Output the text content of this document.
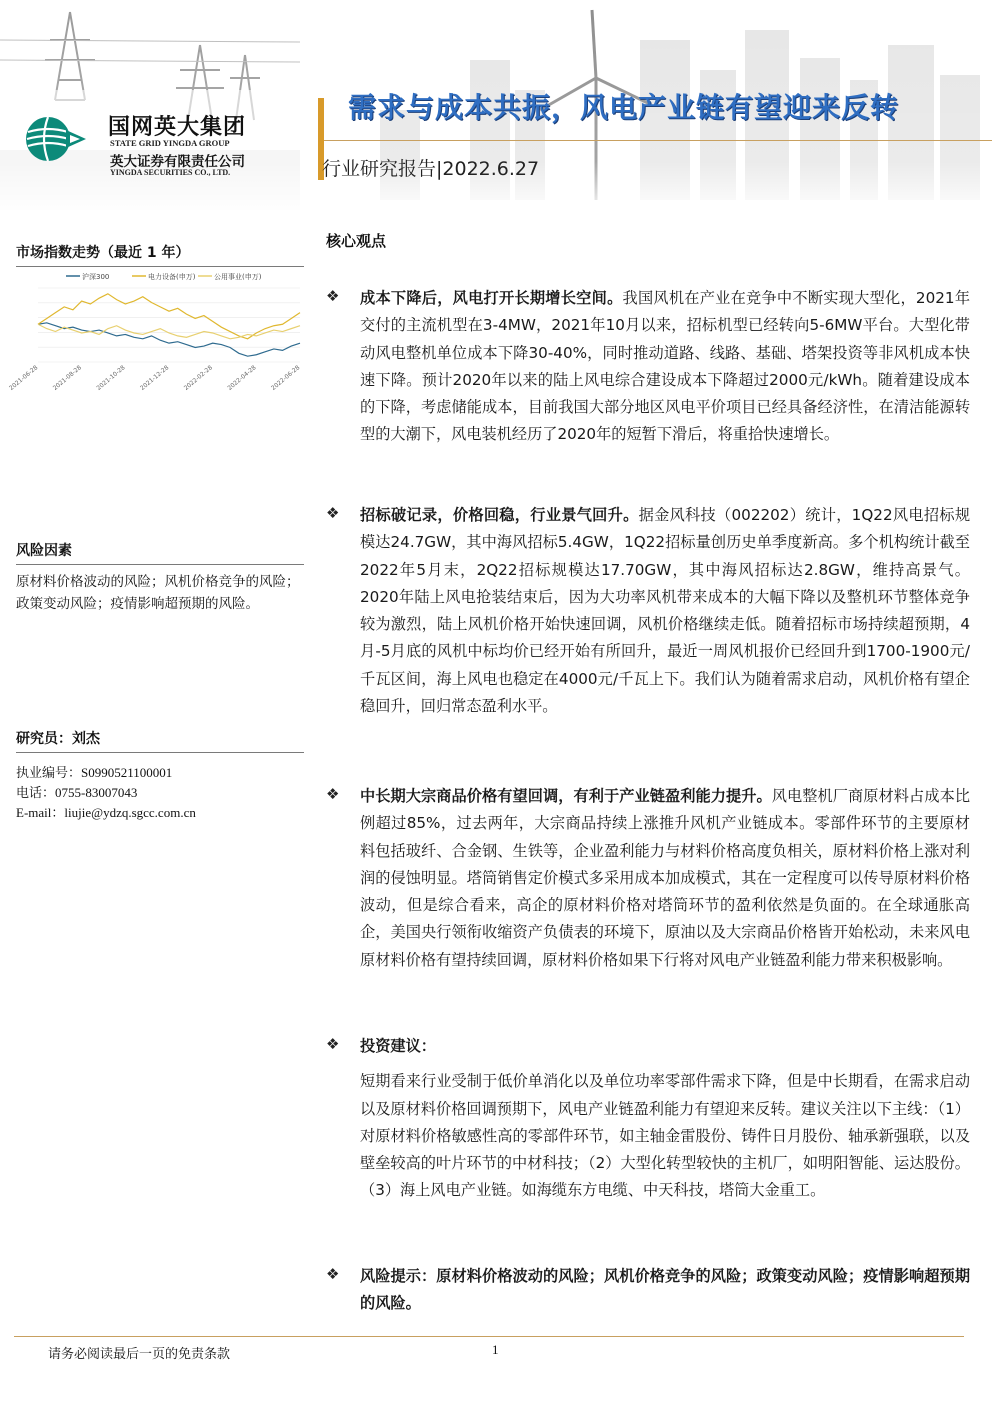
国网英大集团
STATE GRID YINGDA GROUP
英大证券有限责任公司
YINGDA SECURITIES CO., LTD.
需求与成本共振，风电产业链有望迎来反转
行业研究报告|2022.6.27
市场指数走势（最近 1 年）
沪深300	电力设备(申万)	公用事业(申万)
2021-06-28 2021-08-28 2021-10-28 2021-12-28 2022-02-28 2022-04-28 2022-06-28
风险因素
原材料价格波动的风险；风机价格竞争的风险；政策变动风险；疫情影响超预期的风险。
研究员：刘杰
执业编号：S0990521100001
电话：0755-83007043
E-mail：liujie@ydzq.sgcc.com.cn
核心观点
❖ 成本下降后，风电打开长期增长空间。我国风机在产业在竞争中不断实现大型化，2021年交付的主流机型在3-4MW，2021年10月以来，招标机型已经转向5-6MW平台。大型化带动风电整机单位成本下降30-40%，同时推动道路、线路、基础、塔架投资等非风机成本快速下降。预计2020年以来的陆上风电综合建设成本下降超过2000元/kWh。随着建设成本的下降，考虑储能成本，目前我国大部分地区风电平价项目已经具备经济性，在清洁能源转型的大潮下，风电装机经历了2020年的短暂下滑后，将重拾快速增长。

❖ 招标破记录，价格回稳，行业景气回升。据金风科技（002202）统计，1Q22风电招标规模达24.7GW，其中海风招标5.4GW，1Q22招标量创历史单季度新高。多个机构统计截至2022年5月末，2Q22招标规模达17.70GW，其中海风招标达2.8GW，维持高景气。2020年陆上风电抢装结束后，因为大功率风机带来成本的大幅下降以及整机环节整体竞争较为激烈，陆上风机价格开始快速回调，风机价格继续走低。随着招标市场持续超预期，4月-5月底的风机中标均价已经开始有所回升，最近一周风机报价已经回升到1700-1900元/千瓦区间，海上风电也稳定在4000元/千瓦上下。我们认为随着需求启动，风机价格有望企稳回升，回归常态盈利水平。

❖ 中长期大宗商品价格有望回调，有利于产业链盈利能力提升。风电整机厂商原材料占成本比例超过85%，过去两年，大宗商品持续上涨推升风机产业链成本。零部件环节的主要原材料包括玻纤、合金钢、生铁等，企业盈利能力与材料价格高度负相关，原材料价格上涨对利润的侵蚀明显。塔筒销售定价模式多采用成本加成模式，其在一定程度可以传导原材料价格波动，但是综合看来，高企的原材料价格对塔筒环节的盈利依然是负面的。在全球通胀高企，美国央行领衔收缩资产负债表的环境下，原油以及大宗商品价格皆开始松动，未来风电原材料价格有望持续回调，原材料价格如果下行将对风电产业链盈利能力带来积极影响。

❖ 投资建议：

短期看来行业受制于低价单消化以及单位功率零部件需求下降，但是中长期看，在需求启动以及原材料价格回调预期下，风电产业链盈利能力有望迎来反转。建议关注以下主线：（1）对原材料价格敏感性高的零部件环节，如主轴金雷股份、铸件日月股份、轴承新强联，以及壁垒较高的叶片环节的中材科技；（2）大型化转型较快的主机厂，如明阳智能、运达股份。（3）海上风电产业链。如海缆东方电缆、中天科技，塔筒大金重工。

❖ 风险提示：原材料价格波动的风险；风机价格竞争的风险；政策变动风险；疫情影响超预期的风险。

请务必阅读最后一页的免责条款	1
